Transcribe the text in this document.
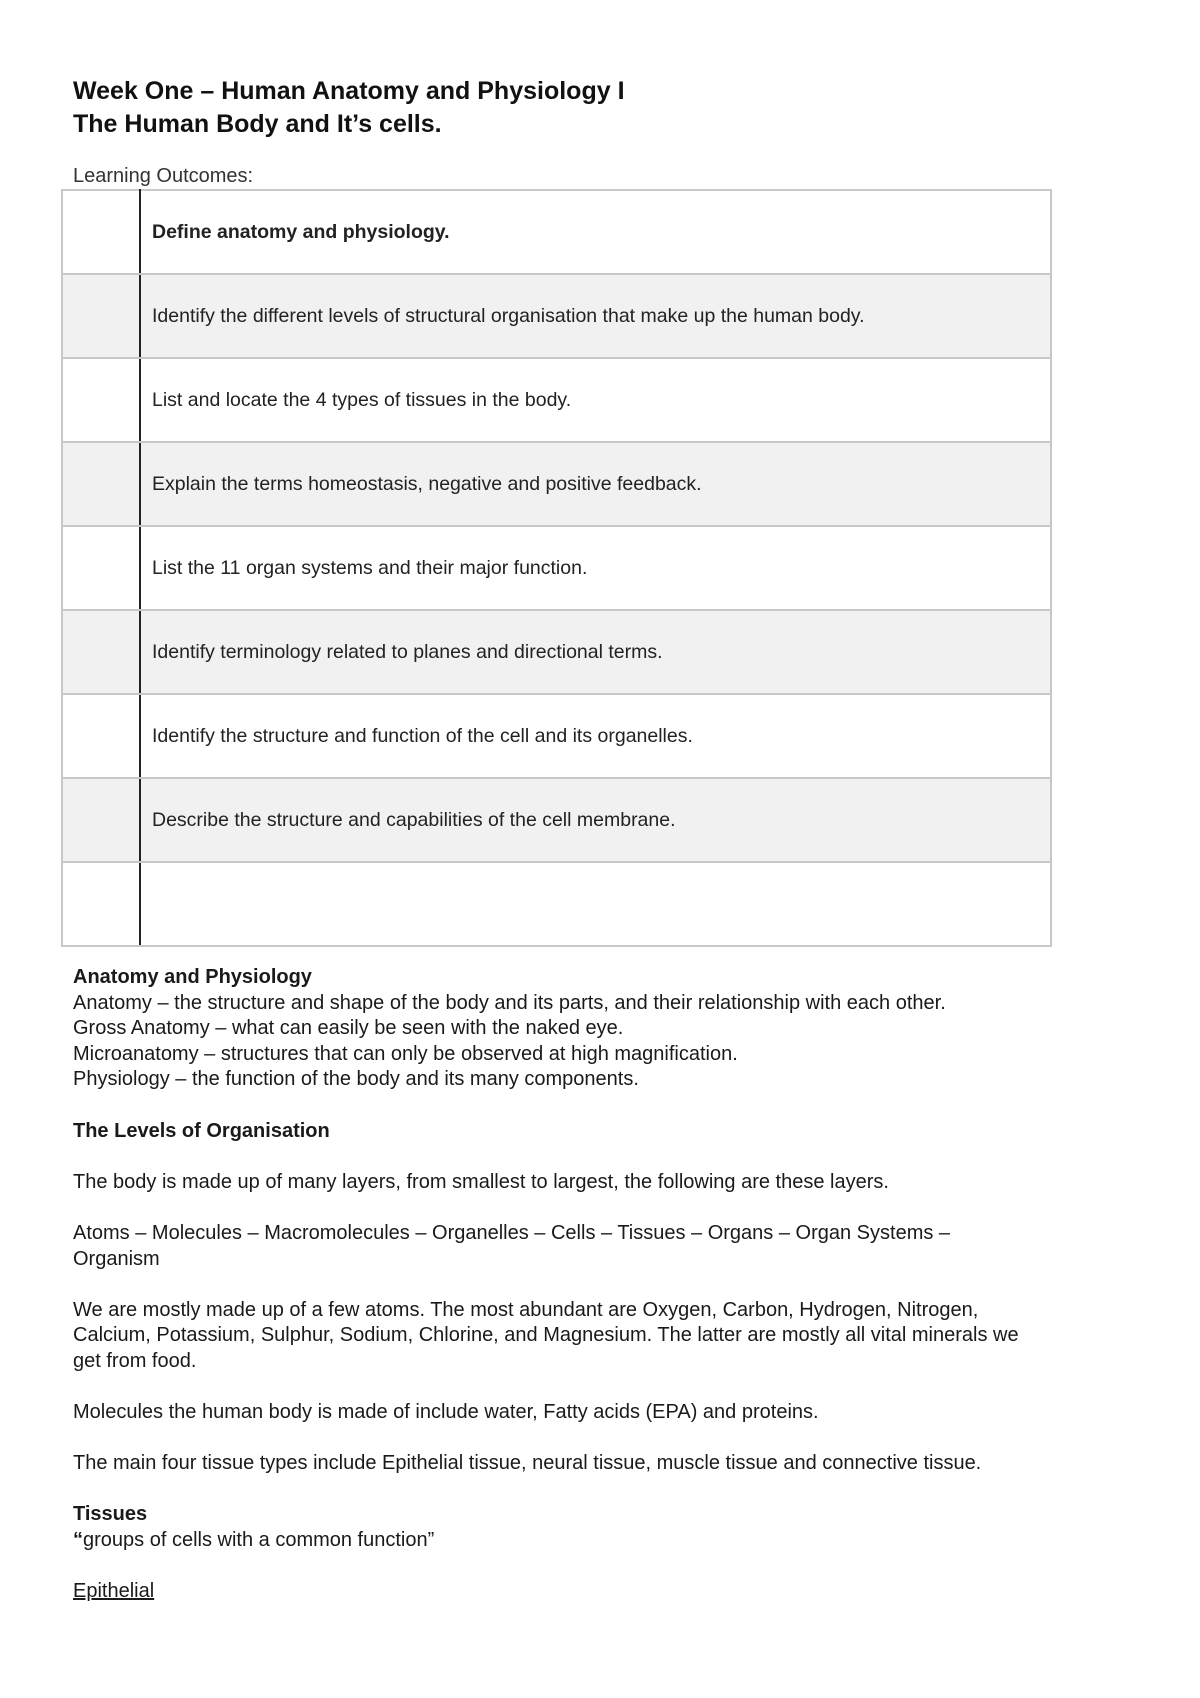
Week One – Human Anatomy and Physiology I
The Human Body and It’s cells.
Learning Outcomes:
	Define anatomy and physiology.
	Identify the different levels of structural organisation that make up the human body.
	List and locate the 4 types of tissues in the body.
	Explain the terms homeostasis, negative and positive feedback.
	List the 11 organ systems and their major function.
	Identify terminology related to planes and directional terms.
	Identify the structure and function of the cell and its organelles.
	Describe the structure and capabilities of the cell membrane.

Anatomy and Physiology

Anatomy – the structure and shape of the body and its parts, and their relationship with each other.

Gross Anatomy – what can easily be seen with the naked eye.

Microanatomy – structures that can only be observed at high magnification.

Physiology – the function of the body and its many components.

The Levels of Organisation

The body is made up of many layers, from smallest to largest, the following are these layers.

Atoms – Molecules – Macromolecules – Organelles – Cells – Tissues – Organs – Organ Systems –

Organism

We are mostly made up of a few atoms. The most abundant are Oxygen, Carbon, Hydrogen, Nitrogen,

Calcium, Potassium, Sulphur, Sodium, Chlorine, and Magnesium. The latter are mostly all vital minerals we

get from food.

Molecules the human body is made of include water, Fatty acids (EPA) and proteins.

The main four tissue types include Epithelial tissue, neural tissue, muscle tissue and connective tissue.

Tissues

“groups of cells with a common function”

Epithelial
